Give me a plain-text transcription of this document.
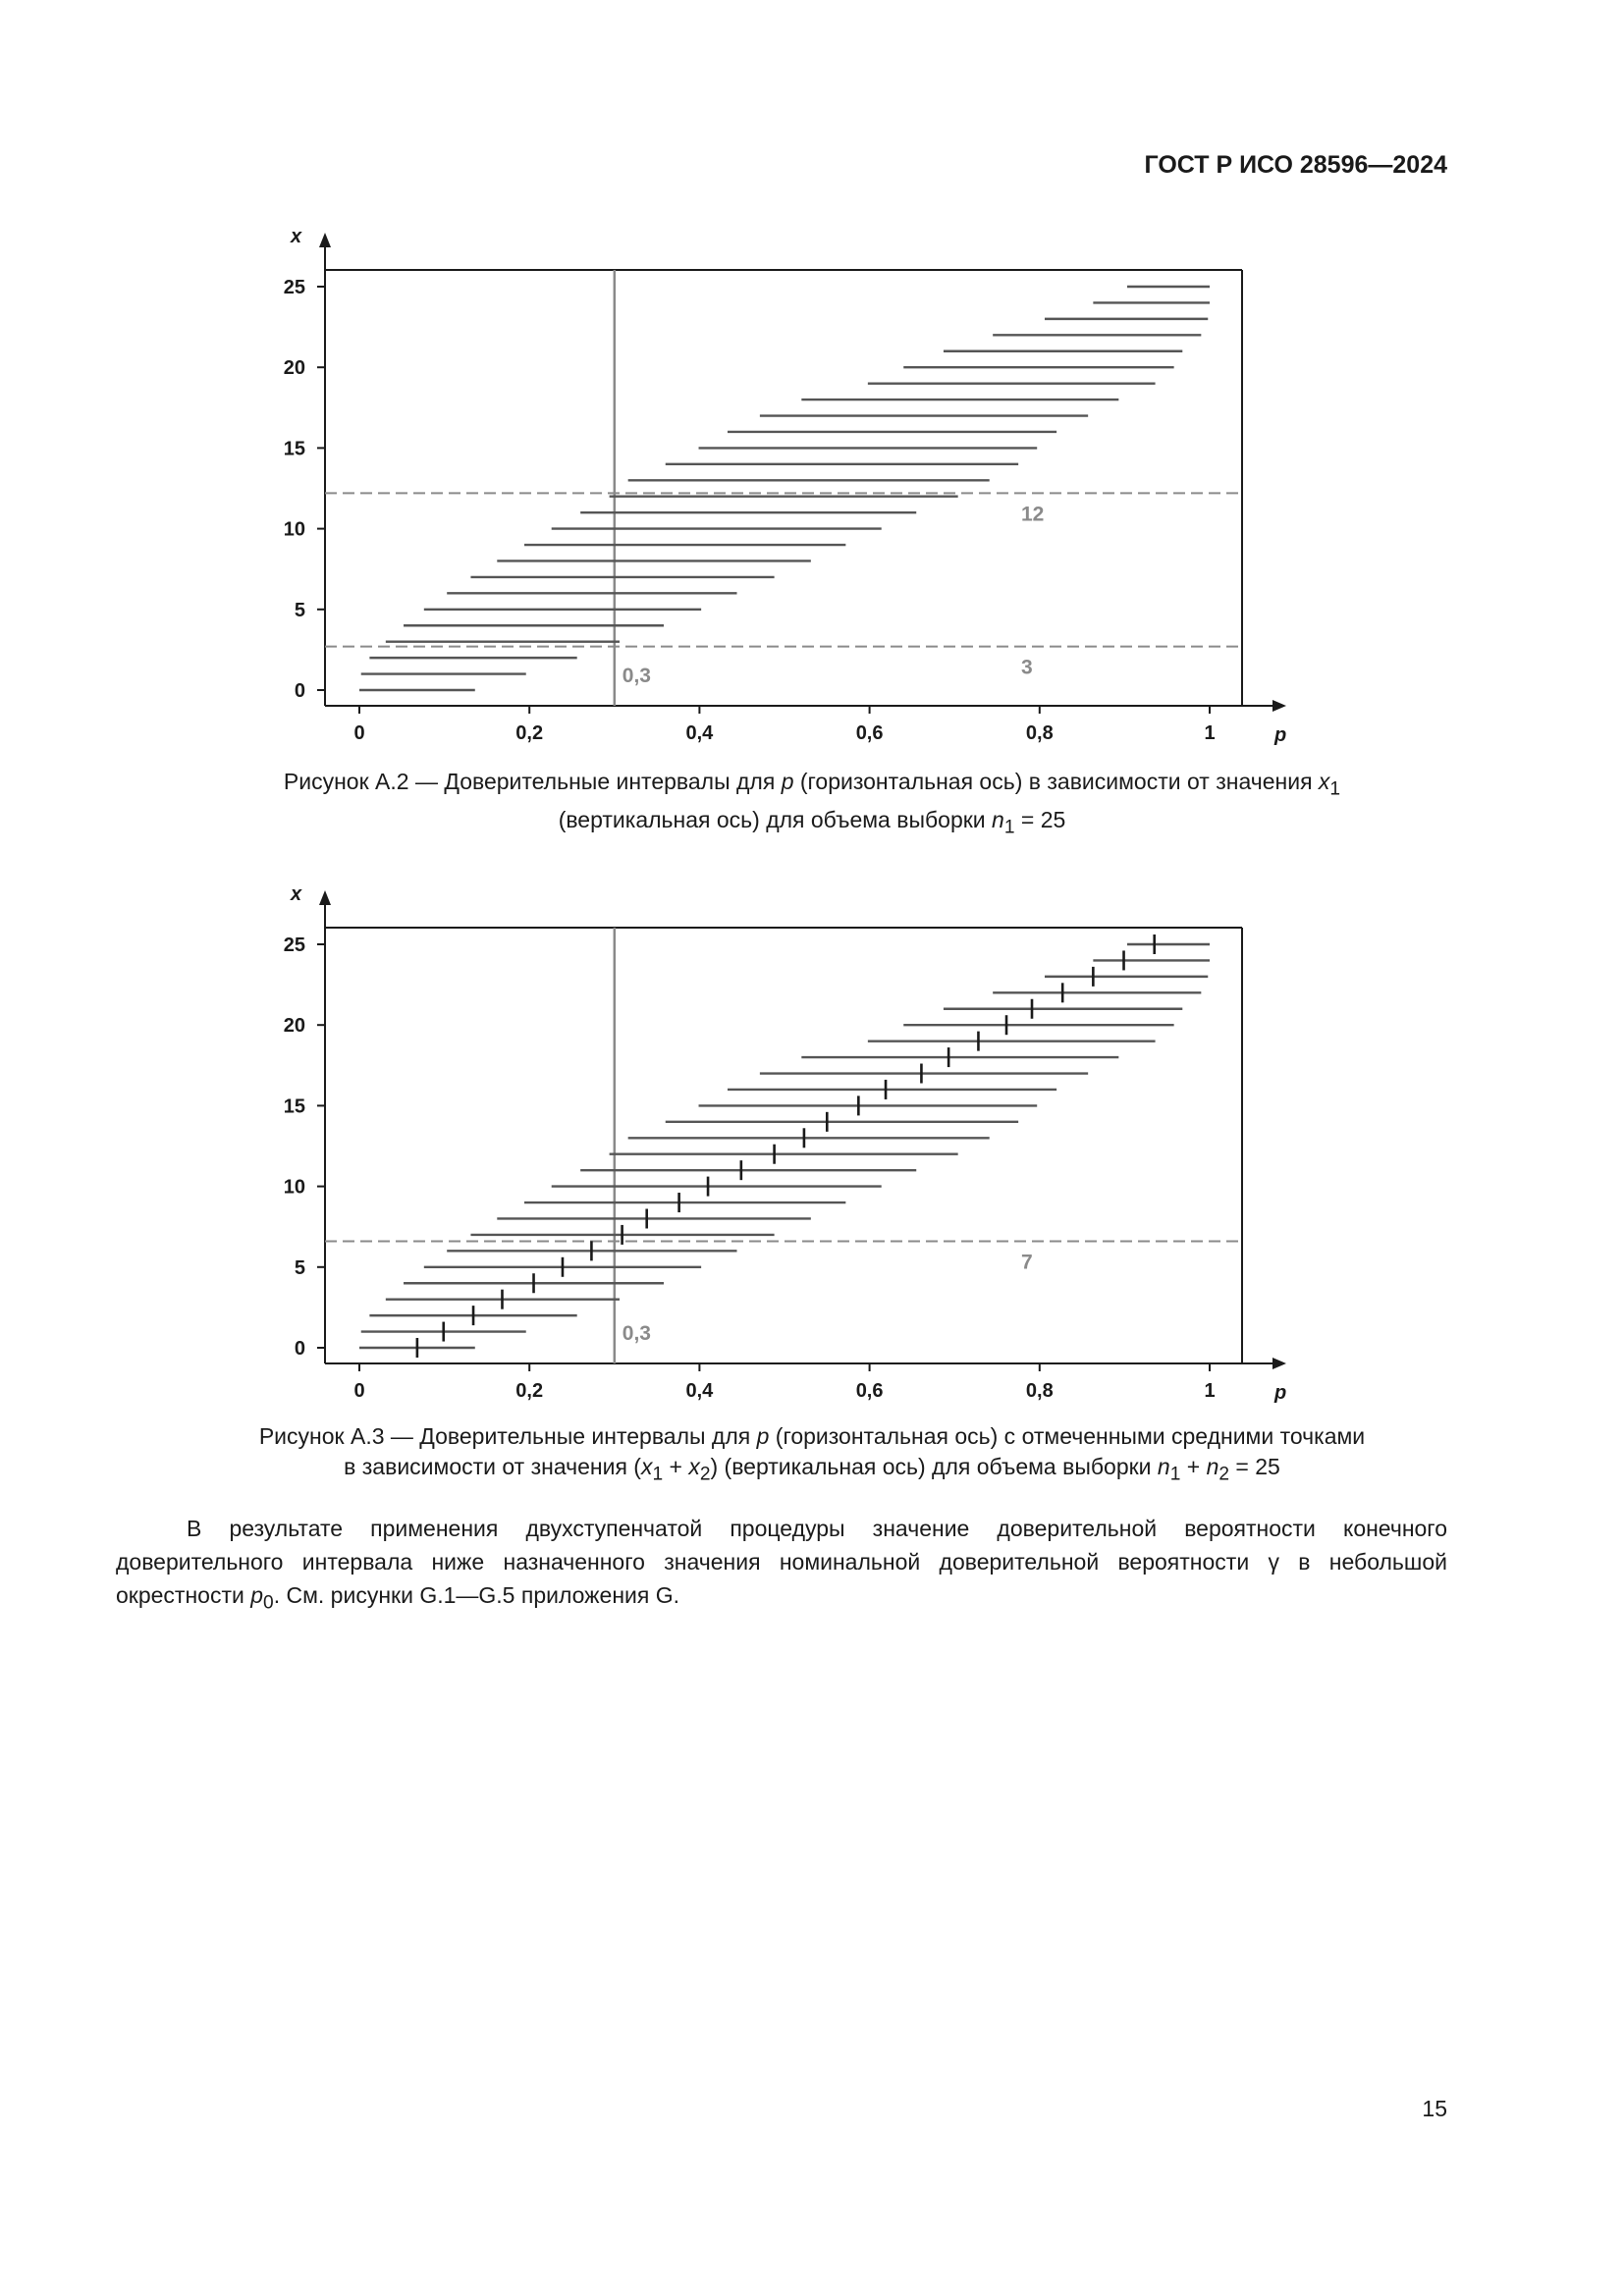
ГОСТ Р ИСО 28596—2024
p
x
0	0,2	0,4	0,6	0,8	1
0
5
10
15
20
25
0,3
12
3
Рисунок А.2 — Доверительные интервалы для p (горизонтальная ось) в зависимости от значения $x_1$
(вертикальная ось) для объема выборки $n_1 = 25$
p
x
0	0,2	0,4	0,6	0,8	1
0
5
10
15
20
25
0,3
7
Рисунок А.3 — Доверительные интервалы для p (горизонтальная ось) с отмеченными средними точками
в зависимости от значения $(x_1 + x_2)$ (вертикальная ось) для объема выборки $n_1 + n_2 = 25$
В результате применения двухступенчатой процедуры значение доверительной вероятности конечного доверительного интервала ниже назначенного значения номинальной доверительной вероятности γ в небольшой окрестности $p_0$. См. рисунки G.1—G.5 приложения G.
15
